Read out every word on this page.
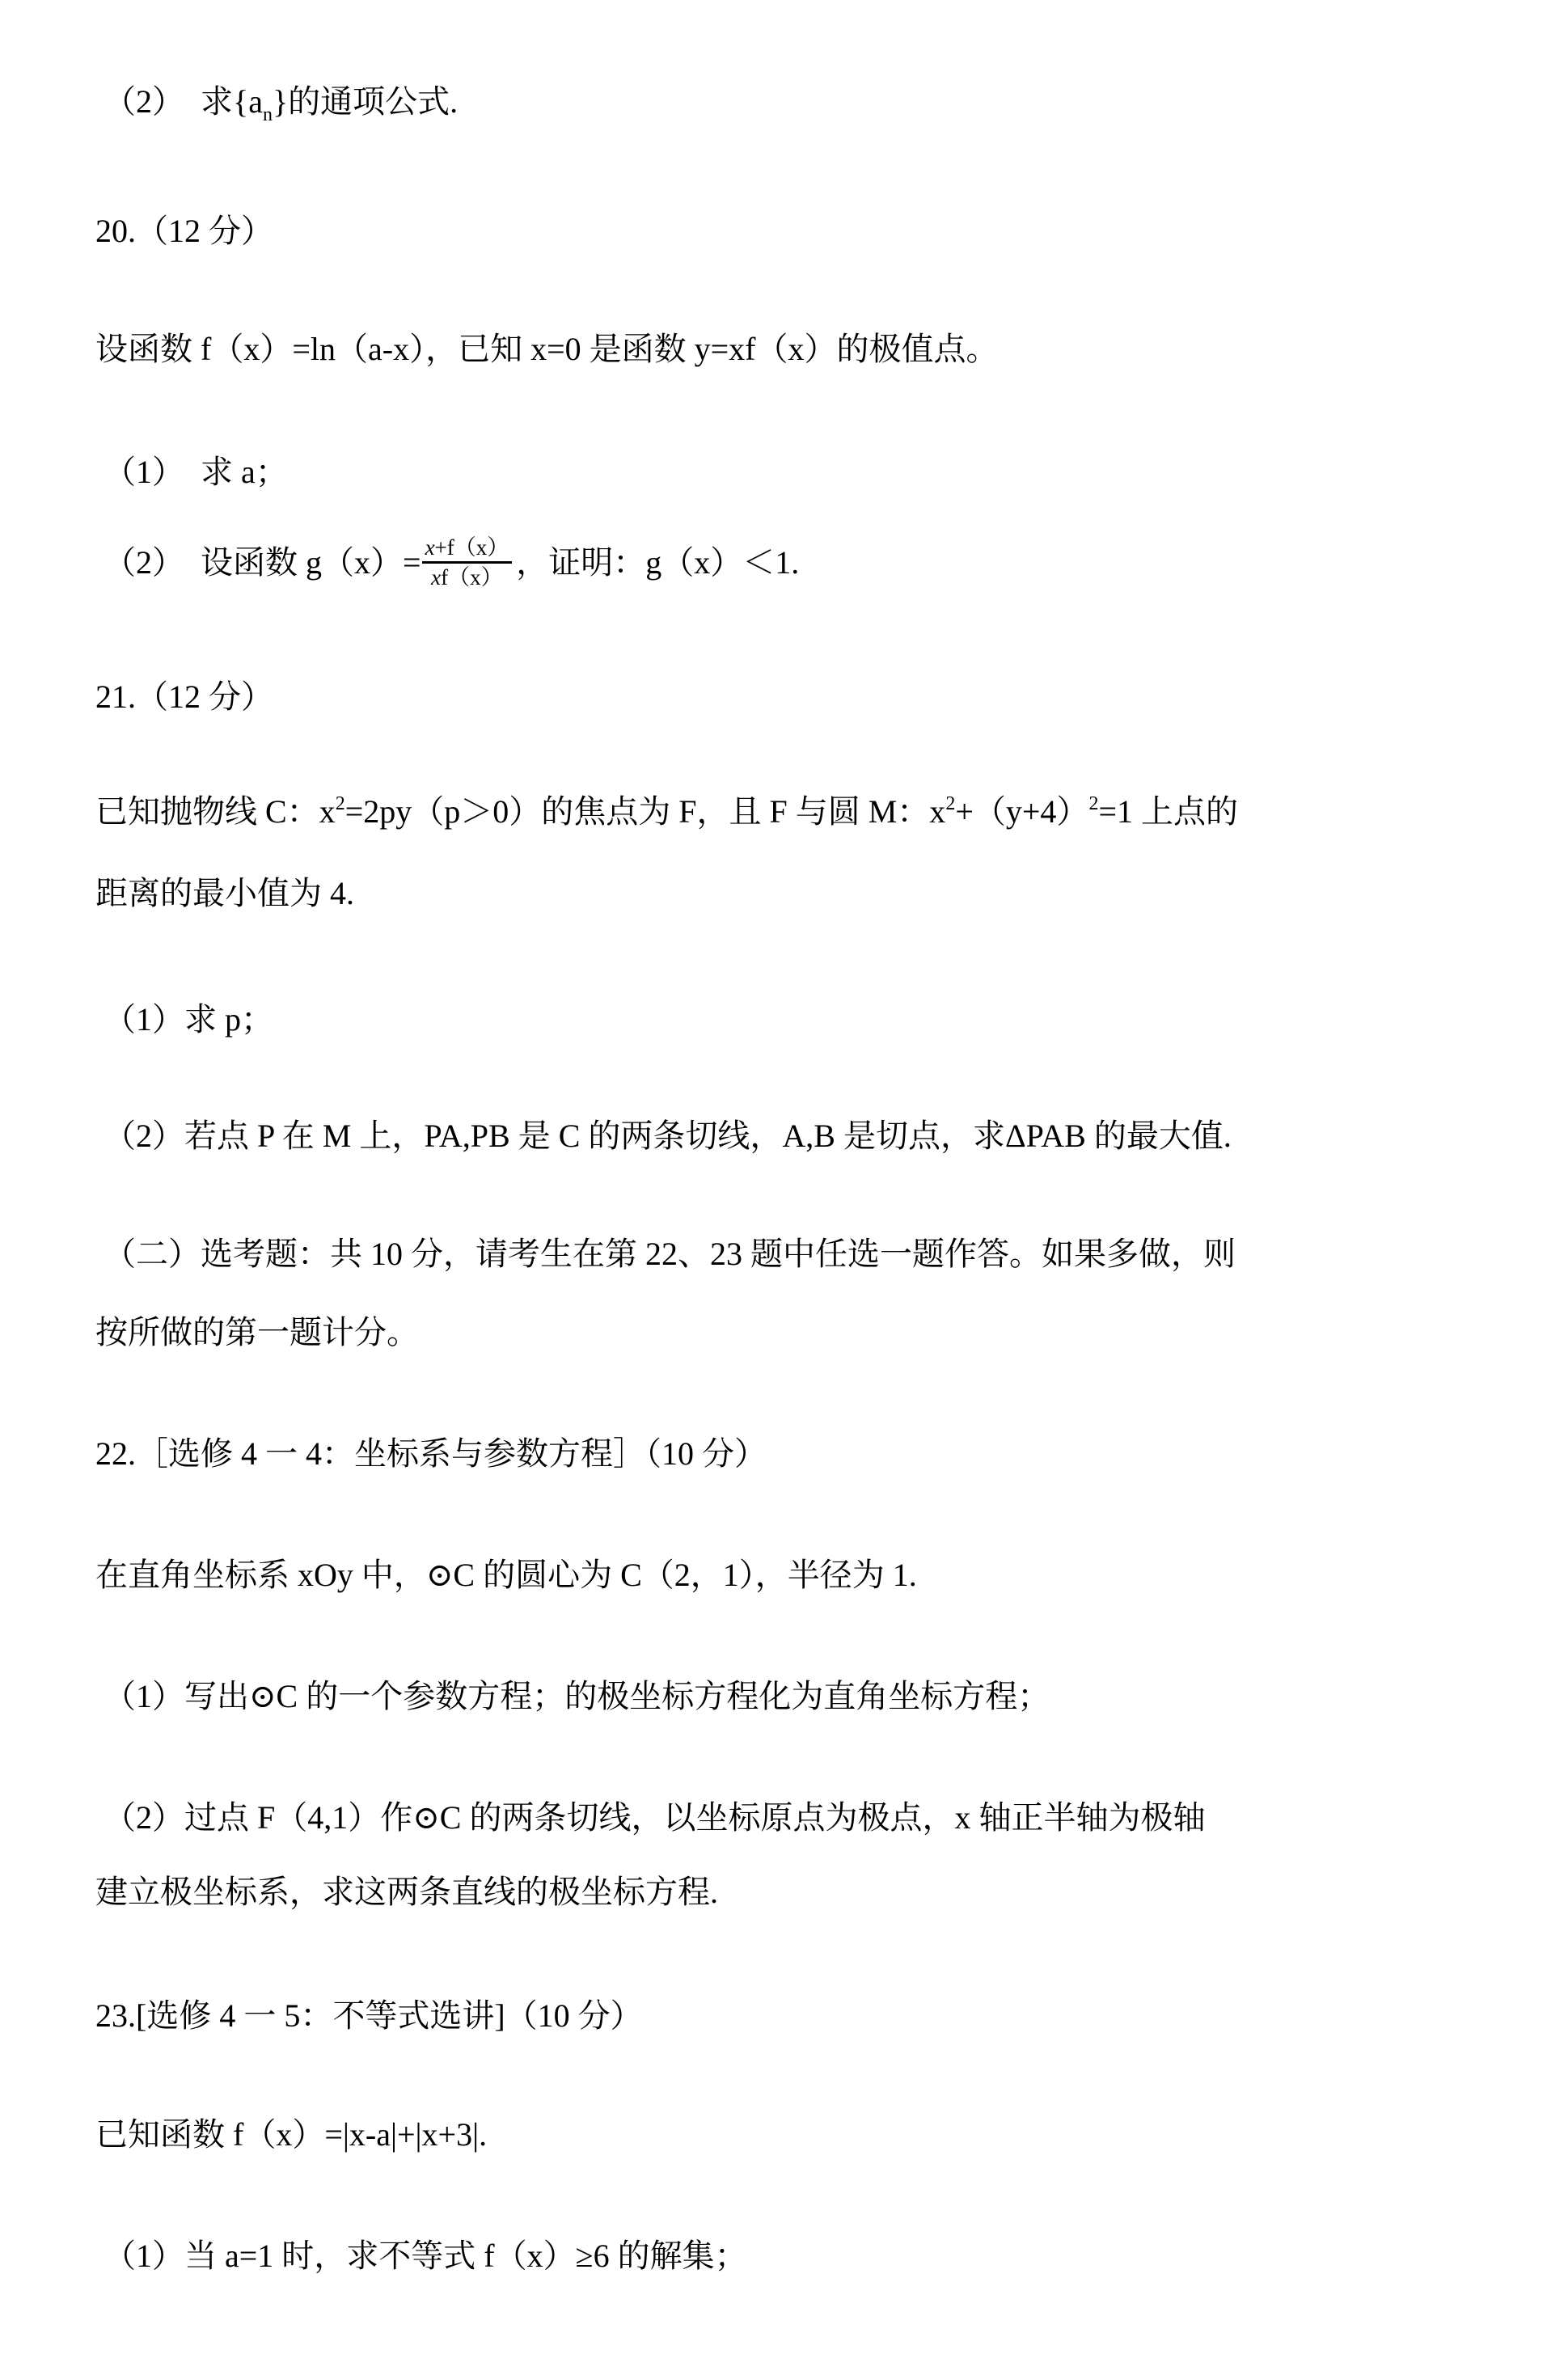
（2）　求$\{a_n\}$的通项公式.
20.（12 分）
设函数 f（x）=ln（a-x），已知 x=0 是函数 y=xf（x）的极值点。
（1）　求 a；
（2）　设函数 $g(x)= \frac{x+f(x)}{xf(x)}$ ，证明：g（x）＜1.
21.（12 分）
已知抛物线 C：$x^2=2py(p>0)$的焦点为 F，且 F 与圆 M：$x^2+(y+4)^2=1$ 上点的
距离的最小值为 4.
（1）求 p；
（2）若点 P 在 M 上，PA,PB 是 C 的两条切线，A,B 是切点，求ΔPAB 的最大值.
（二）选考题：共 10 分，请考生在第 22、23 题中任选一题作答。如果多做，则
按所做的第一题计分。
22.［选修 4 一 4：坐标系与参数方程］（10 分）
在直角坐标系 xOy 中，⊙C 的圆心为 C（2，1），半径为 1.
（1）写出⊙C 的一个参数方程；的极坐标方程化为直角坐标方程；
（2）过点 F（4,1）作⊙C 的两条切线，以坐标原点为极点，x 轴正半轴为极轴
建立极坐标系，求这两条直线的极坐标方程.
23.[选修 4 一 5：不等式选讲]（10 分）
已知函数 f（x）=|x-a|+|x+3|.
（1）当 a=1 时，求不等式 f（x）≥6 的解集；
